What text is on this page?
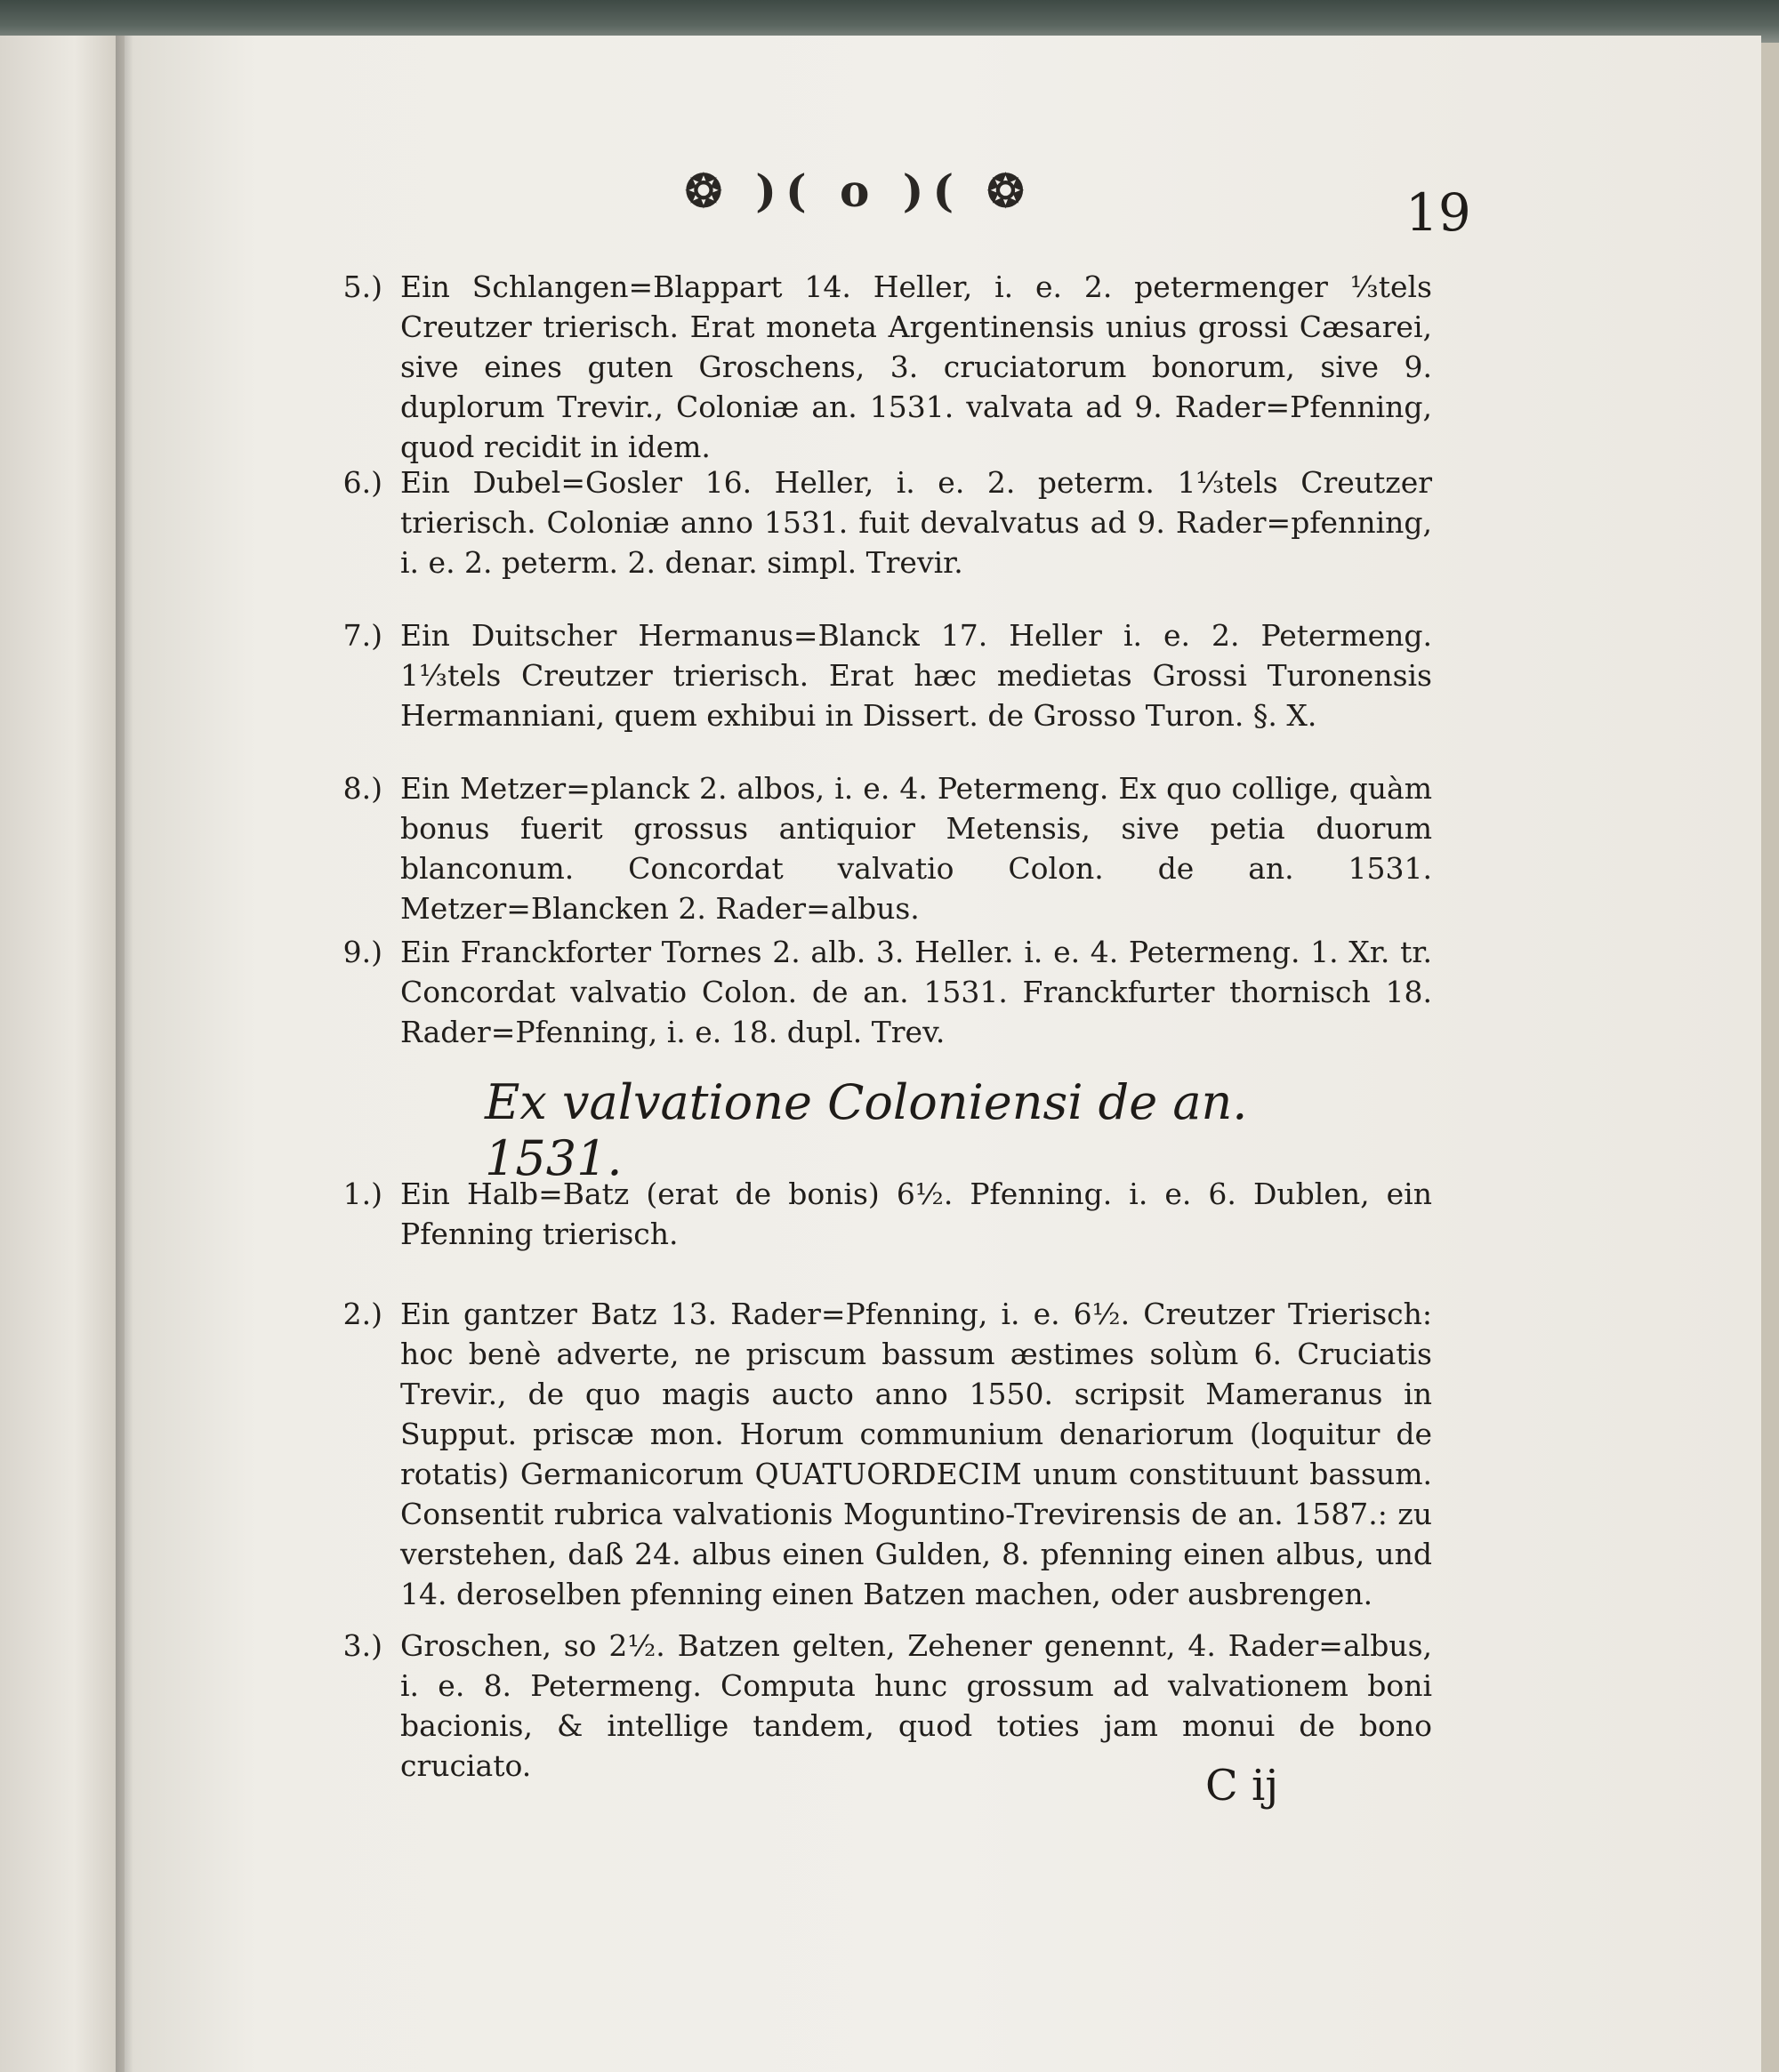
❂ )( o )( ❂	19
5.) Ein Schlangen=Blappart 14. Heller, i. e. 2. petermenger ⅓tels Creutzer trierisch. Erat moneta Argentinensis unius grossi Cæsarei, sive eines guten Groschens, 3. cruciatorum bonorum, sive 9. duplorum Trevir., Coloniæ an. 1531. valvata ad 9. Rader=Pfenning, quod recidit in idem.
6.) Ein Dubel=Gosler 16. Heller, i. e. 2. peterm. 1⅓tels Creutzer trierisch. Coloniæ anno 1531. fuit devalvatus ad 9. Rader=pfenning, i. e. 2. peterm. 2. denar. simpl. Trevir.
7.) Ein Duitscher Hermanus=Blanck 17. Heller i. e. 2. Petermeng. 1⅓tels Creutzer trierisch. Erat hæc medietas Grossi Turonensis Hermanniani, quem exhibui in Dissert. de Grosso Turon. §. X.
8.) Ein Metzer=planck 2. albos, i. e. 4. Petermeng. Ex quo collige, quàm bonus fuerit grossus antiquior Metensis, sive petia duorum blanconum. Concordat valvatio Colon. de an. 1531. Metzer=Blancken 2. Rader=albus.
9.) Ein Franckforter Tornes 2. alb. 3. Heller. i. e. 4. Petermeng. 1. Xr. tr. Concordat valvatio Colon. de an. 1531. Franckfurter thornisch 18. Rader=Pfenning, i. e. 18. dupl. Trev.
Ex valvatione Coloniensi de an. 1531.
1.) Ein Halb=Batz (erat de bonis) 6½. Pfenning. i. e. 6. Dublen, ein Pfenning trierisch.
2.) Ein gantzer Batz 13. Rader=Pfenning, i. e. 6½. Creutzer Trierisch: hoc benè adverte, ne priscum bassum æstimes solùm 6. Cruciatis Trevir., de quo magis aucto anno 1550. scripsit Mameranus in Supput. priscæ mon. Horum communium denariorum (loquitur de rotatis) Germanicorum QUATUORDECIM unum constituunt bassum. Consentit rubrica valvationis Moguntino-Trevirensis de an. 1587.: zu verstehen, daß 24. albus einen Gulden, 8. pfenning einen albus, und 14. deroselben pfenning einen Batzen machen, oder ausbrengen.
3.) Groschen, so 2½. Batzen gelten, Zehener genennt, 4. Rader=albus, i. e. 8. Petermeng. Computa hunc grossum ad valvationem boni bacionis, & intellige tandem, quod toties jam monui de bono cruciato.	C ij
